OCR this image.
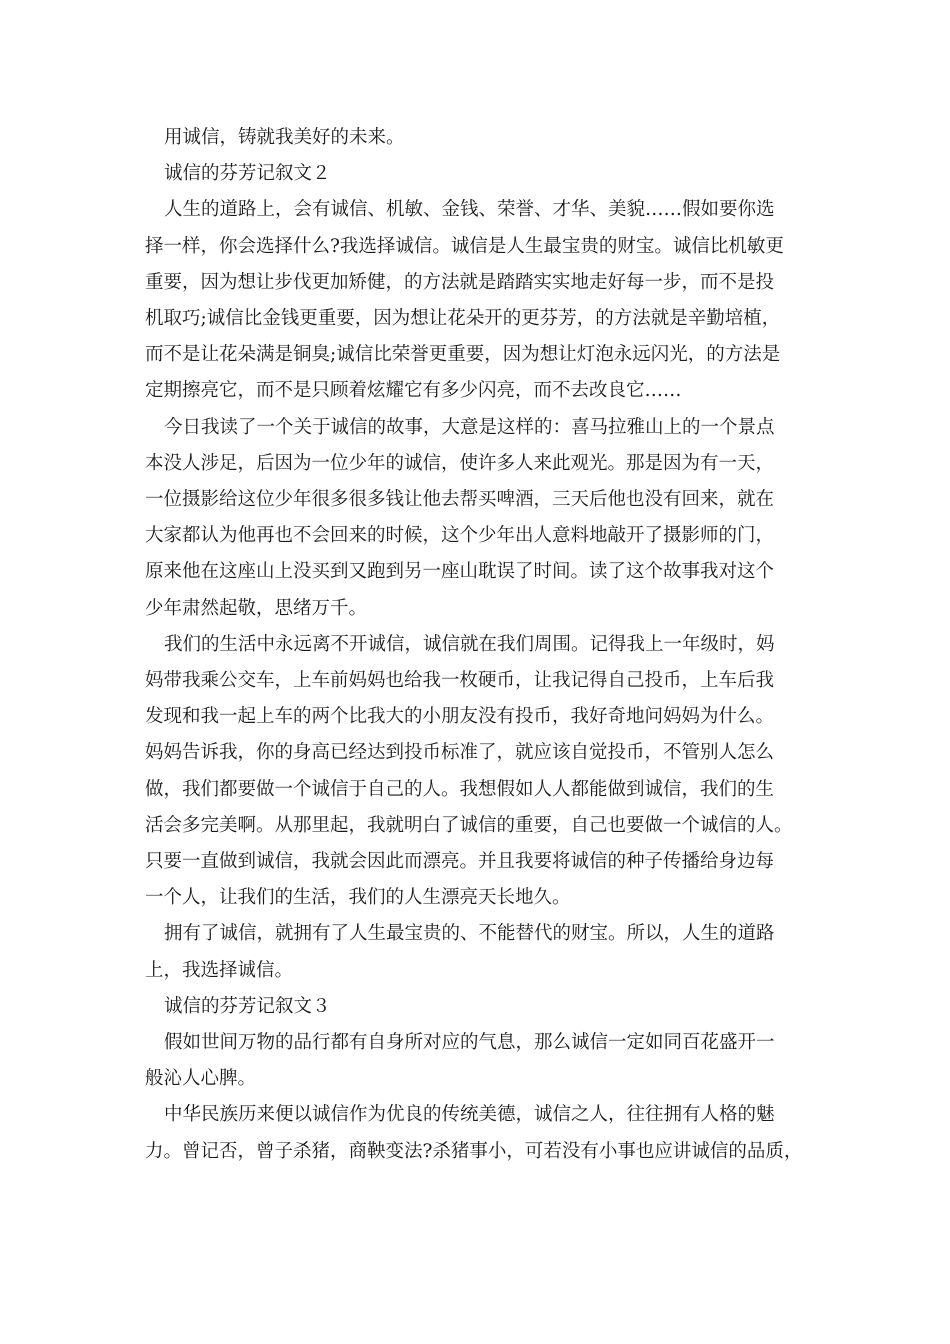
用诚信，铸就我美好的未来。
诚信的芬芳记叙文２
人生的道路上，会有诚信、机敏、金钱、荣誉、才华、美貌……假如要你选
择一样，你会选择什么?我选择诚信。诚信是人生最宝贵的财宝。诚信比机敏更
重要，因为想让步伐更加矫健，的方法就是踏踏实实地走好每一步，而不是投
机取巧;诚信比金钱更重要，因为想让花朵开的更芬芳，的方法就是辛勤培植，
而不是让花朵满是铜臭;诚信比荣誉更重要，因为想让灯泡永远闪光，的方法是
定期擦亮它，而不是只顾着炫耀它有多少闪亮，而不去改良它……
今日我读了一个关于诚信的故事，大意是这样的：喜马拉雅山上的一个景点
本没人涉足，后因为一位少年的诚信，使许多人来此观光。那是因为有一天，
一位摄影给这位少年很多很多钱让他去帮买啤酒，三天后他也没有回来，就在
大家都认为他再也不会回来的时候，这个少年出人意料地敲开了摄影师的门，
原来他在这座山上没买到又跑到另一座山耽误了时间。读了这个故事我对这个
少年肃然起敬，思绪万千。
我们的生活中永远离不开诚信，诚信就在我们周围。记得我上一年级时，妈
妈带我乘公交车，上车前妈妈也给我一枚硬币，让我记得自己投币，上车后我
发现和我一起上车的两个比我大的小朋友没有投币，我好奇地问妈妈为什么。
妈妈告诉我，你的身高已经达到投币标准了，就应该自觉投币，不管别人怎么
做，我们都要做一个诚信于自己的人。我想假如人人都能做到诚信，我们的生
活会多完美啊。从那里起，我就明白了诚信的重要，自己也要做一个诚信的人。
只要一直做到诚信，我就会因此而漂亮。并且我要将诚信的种子传播给身边每
一个人，让我们的生活，我们的人生漂亮天长地久。
拥有了诚信，就拥有了人生最宝贵的、不能替代的财宝。所以，人生的道路
上，我选择诚信。
诚信的芬芳记叙文３
假如世间万物的品行都有自身所对应的气息，那么诚信一定如同百花盛开一
般沁人心脾。
中华民族历来便以诚信作为优良的传统美德，诚信之人，往往拥有人格的魅
力。曾记否，曾子杀猪，商鞅变法?杀猪事小，可若没有小事也应讲诚信的品质，
